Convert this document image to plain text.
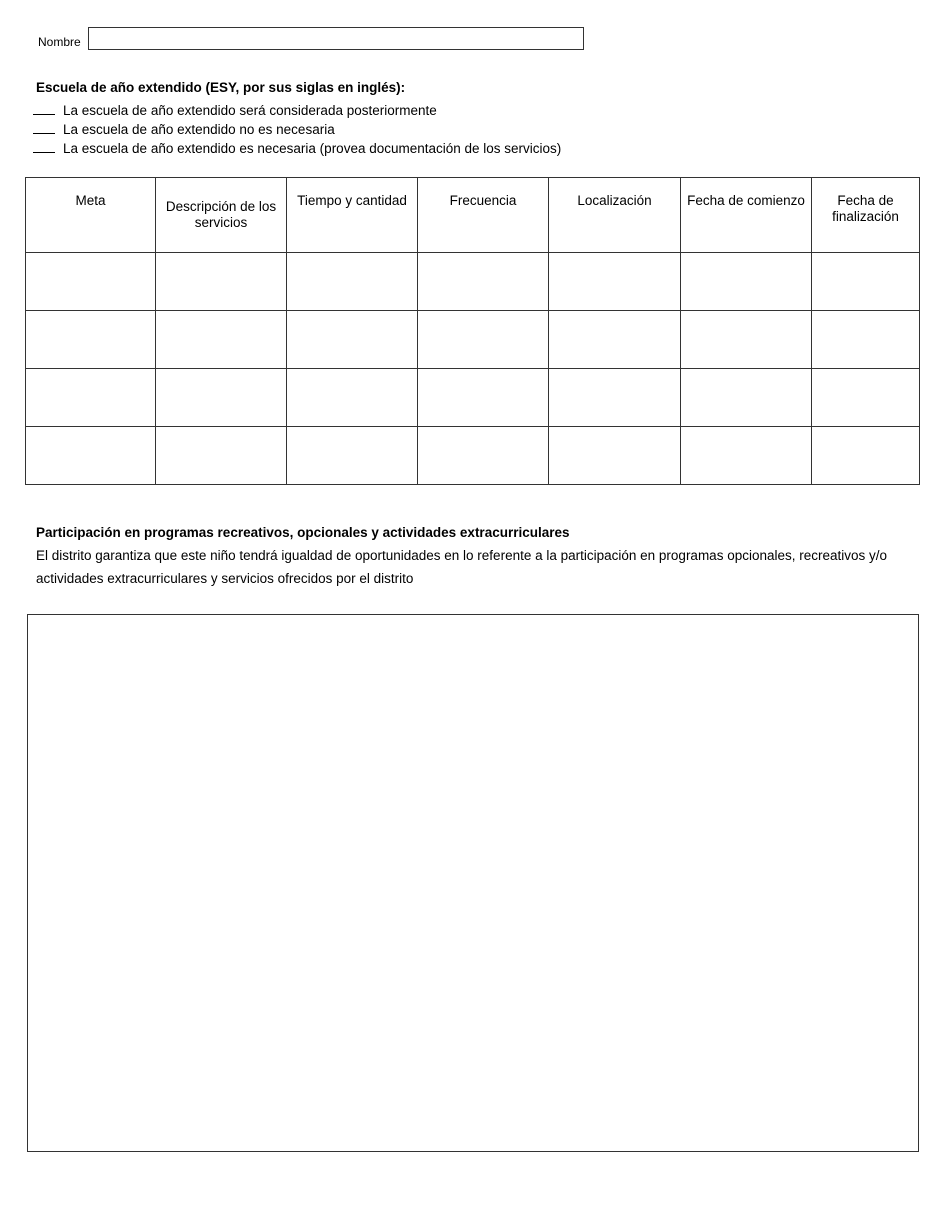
Nombre
Escuela de año extendido (ESY, por sus siglas en inglés):
La escuela de año extendido será considerada posteriormente
La escuela de año extendido no es necesaria
La escuela de año extendido es necesaria (provea documentación de los servicios)
Meta	Descripción de los servicios	Tiempo y cantidad	Frecuencia	Localización	Fecha de comienzo	Fecha de finalización

Participación en programas recreativos, opcionales y actividades extracurriculares
El distrito garantiza que este niño tendrá igualdad de oportunidades en lo referente a la participación en programas opcionales, recreativos y/o actividades extracurriculares y servicios ofrecidos por el distrito
